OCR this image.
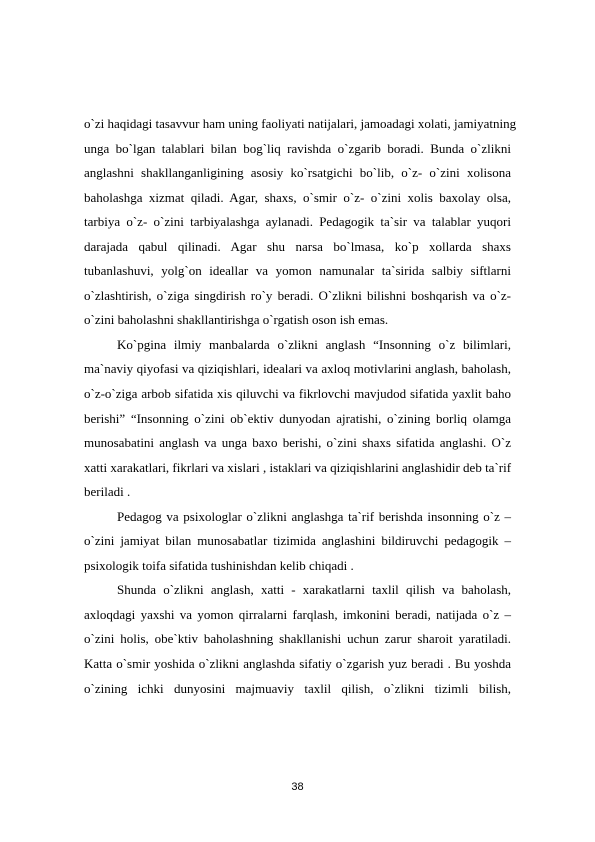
o`zi haqidagi tasavvur ham uning faoliyati natijalari, jamoadagi xolati, jamiyatning
unga bo`lgan talablari bilan bog`liq ravishda o`zgarib boradi. Bunda o`zlikni
anglashni shakllanganligining asosiy ko`rsatgichi bo`lib, o`z- o`zini xolisona
baholashga xizmat qiladi. Agar, shaxs, o`smir o`z- o`zini xolis baxolay olsa,
tarbiya o`z- o`zini tarbiyalashga aylanadi. Pedagogik ta`sir va talablar yuqori
darajada qabul qilinadi. Agar shu narsa bo`lmasa, ko`p xollarda shaxs
tubanlashuvi, yolg`on ideallar va yomon namunalar ta`sirida salbiy siftlarni
o`zlashtirish, o`ziga singdirish ro`y beradi. O`zlikni bilishni boshqarish va o`z-
o`zini baholashni shakllantirishga o`rgatish oson ish emas.
Ko`pgina ilmiy manbalarda o`zlikni anglash “Insonning o`z bilimlari,
ma`naviy qiyofasi va qiziqishlari, idealari va axloq motivlarini anglash, baholash,
o`z-o`ziga arbob sifatida xis qiluvchi va fikrlovchi mavjudod sifatida yaxlit baho
berishi” “Insonning o`zini ob`ektiv dunyodan ajratishi, o`zining borliq olamga
munosabatini anglash va unga baxo berishi, o`zini shaxs sifatida anglashi. O`z
xatti xarakatlari, fikrlari va xislari , istaklari va qiziqishlarini anglashidir deb ta`rif
beriladi .
Pedagog va psixologlar o`zlikni anglashga ta`rif berishda insonning o`z –
o`zini jamiyat bilan munosabatlar tizimida anglashini bildiruvchi pedagogik –
psixologik toifa sifatida tushinishdan kelib chiqadi .
Shunda o`zlikni anglash, xatti - xarakatlarni taxlil qilish va baholash,
axloqdagi yaxshi va yomon qirralarni farqlash, imkonini beradi, natijada o`z –
o`zini holis, obe`ktiv baholashning shakllanishi uchun zarur sharoit yaratiladi.
Katta o`smir yoshida o`zlikni anglashda sifatiy o`zgarish yuz beradi . Bu yoshda
o`zining ichki dunyosini majmuaviy taxlil qilish, o`zlikni tizimli bilish,
38
